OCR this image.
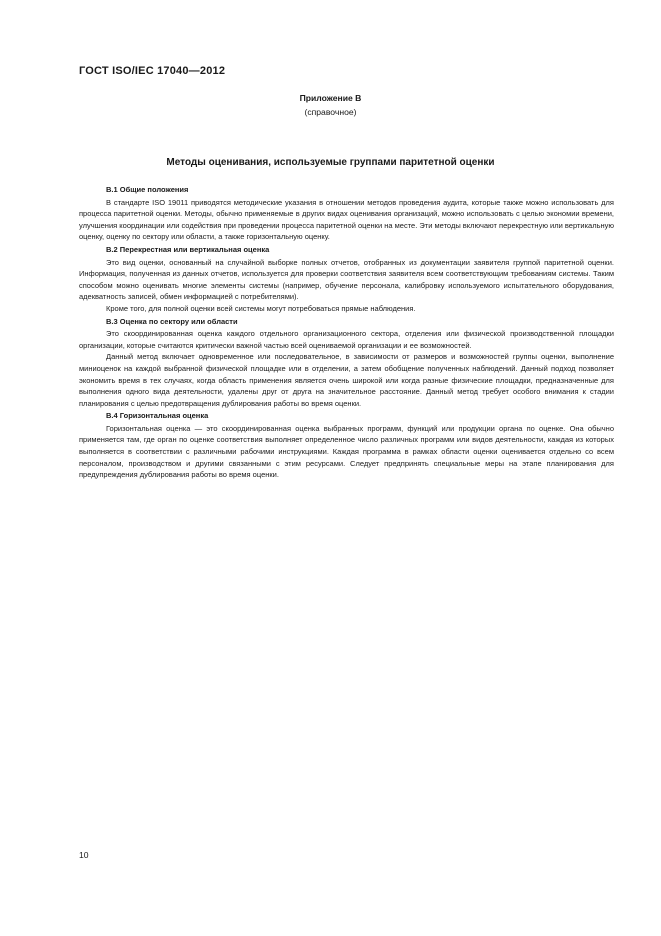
ГОСТ ISO/IEC 17040—2012
Приложение В
(справочное)
Методы оценивания, используемые группами паритетной оценки
В.1 Общие положения

В стандарте ISO 19011 приводятся методические указания в отношении методов проведения аудита, которые также можно использовать для процесса паритетной оценки. Методы, обычно применяемые в других видах оценивания организаций, можно использовать с целью экономии времени, улучшения координации или содействия при проведении процесса паритетной оценки на месте. Эти методы включают перекрестную или вертикальную оценку, оценку по сектору или области, а также горизонтальную оценку.

В.2 Перекрестная или вертикальная оценка

Это вид оценки, основанный на случайной выборке полных отчетов, отобранных из документации заявителя группой паритетной оценки. Информация, полученная из данных отчетов, используется для проверки соответствия заявителя всем соответствующим требованиям системы. Таким способом можно оценивать многие элементы системы (например, обучение персонала, калибровку используемого испытательного оборудования, адекватность записей, обмен информацией с потребителями).

Кроме того, для полной оценки всей системы могут потребоваться прямые наблюдения.

В.3 Оценка по сектору или области

Это скоординированная оценка каждого отдельного организационного сектора, отделения или физической производственной площадки организации, которые считаются критически важной частью всей оцениваемой организации и ее возможностей.

Данный метод включает одновременное или последовательное, в зависимости от размеров и возможностей группы оценки, выполнение миниоценок на каждой выбранной физической площадке или в отделении, а затем обобщение полученных наблюдений. Данный подход позволяет экономить время в тех случаях, когда область применения является очень широкой или когда разные физические площадки, предназначенные для выполнения одного вида деятельности, удалены друг от друга на значительное расстояние. Данный метод требует особого внимания к стадии планирования с целью предотвращения дублирования работы во время оценки.

В.4 Горизонтальная оценка

Горизонтальная оценка — это скоординированная оценка выбранных программ, функций или продукции органа по оценке. Она обычно применяется там, где орган по оценке соответствия выполняет определенное число различных программ или видов деятельности, каждая из которых выполняется в соответствии с различными рабочими инструкциями. Каждая программа в рамках области оценки оценивается отдельно со всем персоналом, производством и другими связанными с этим ресурсами. Следует предпринять специальные меры на этапе планирования для предупреждения дублирования работы во время оценки.

10
